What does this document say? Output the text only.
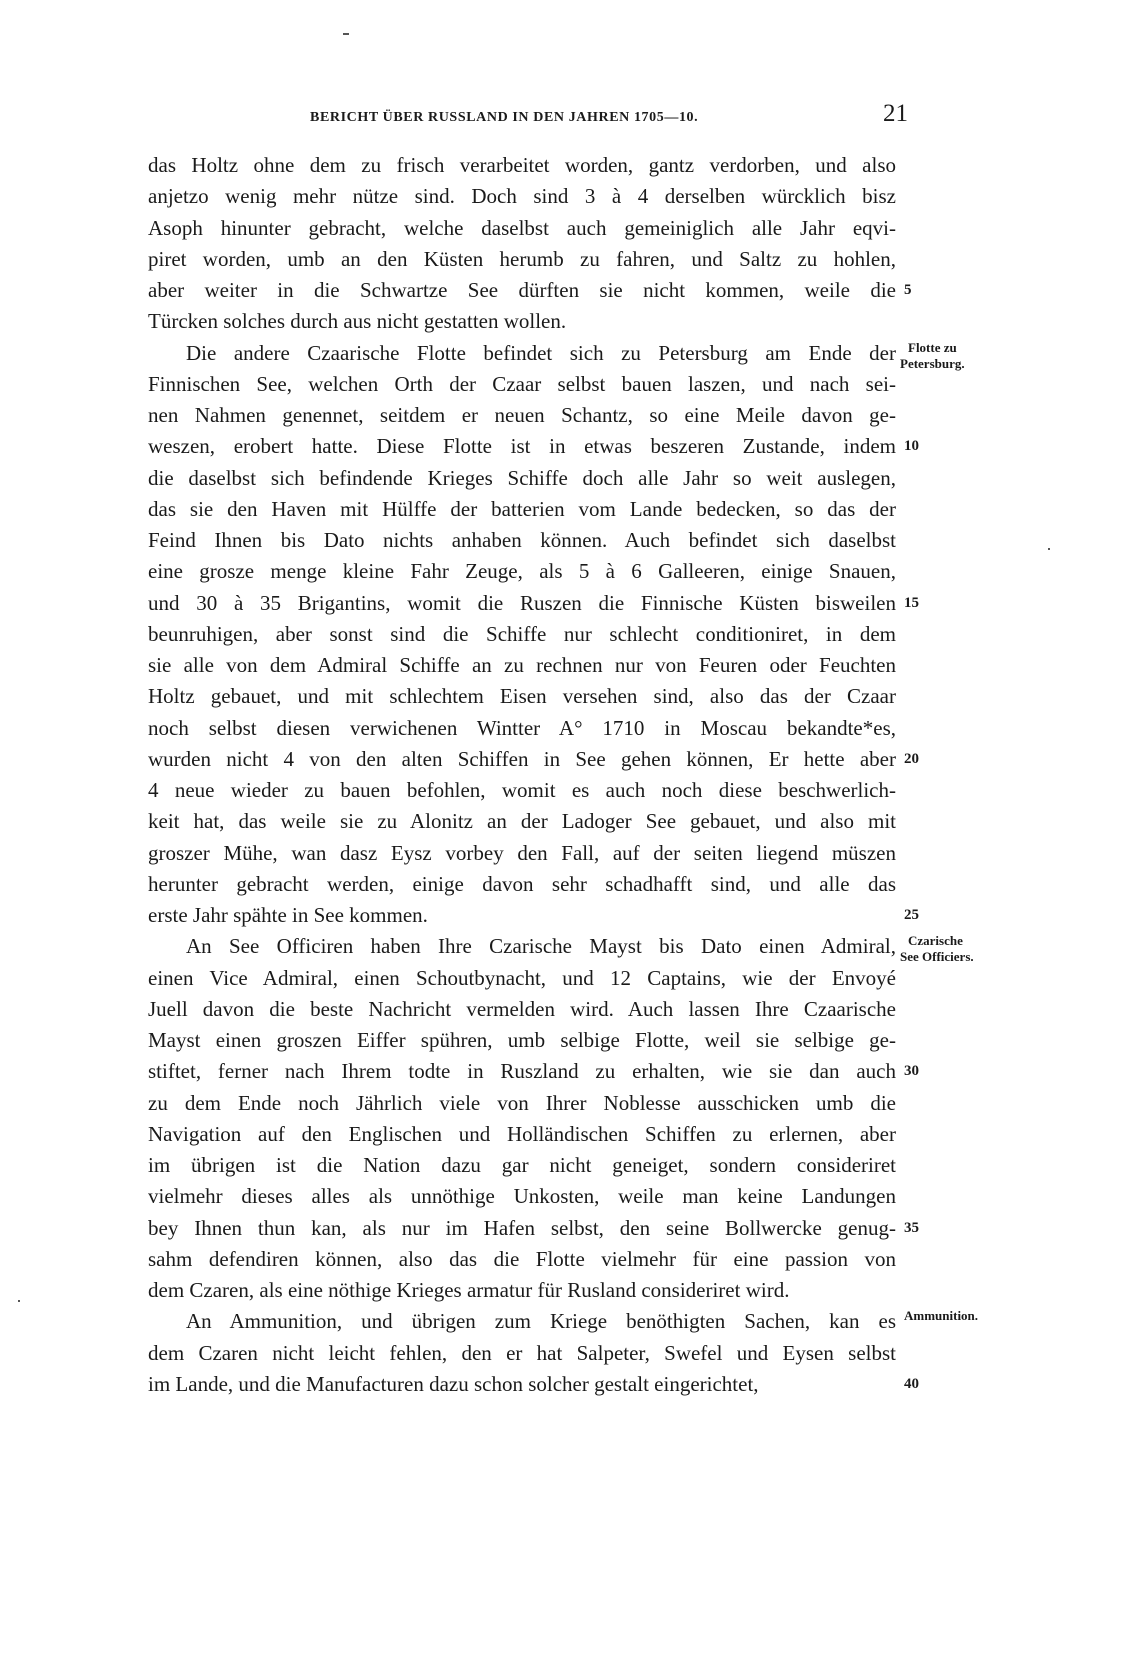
BERICHT ÜBER RUSSLAND IN DEN JAHREN 1705—10.	21
das Holtz ohne dem zu frisch verarbeitet worden, gantz verdorben, und also
anjetzo wenig mehr nütze sind. Doch sind 3 à 4 derselben würcklich bisz
Asoph hinunter gebracht, welche daselbst auch gemeiniglich alle Jahr eqvi-
piret worden, umb an den Küsten herumb zu fahren, und Saltz zu hohlen,
aber weiter in die Schwartze See dürften sie nicht kommen, weile die
Türcken solches durch aus nicht gestatten wollen.
Die andere Czaarische Flotte befindet sich zu Petersburg am Ende der
Finnischen See, welchen Orth der Czaar selbst bauen laszen, und nach sei-
nen Nahmen genennet, seitdem er neuen Schantz, so eine Meile davon ge-
weszen, erobert hatte. Diese Flotte ist in etwas beszeren Zustande, indem
die daselbst sich befindende Krieges Schiffe doch alle Jahr so weit auslegen,
das sie den Haven mit Hülffe der batterien vom Lande bedecken, so das der
Feind Ihnen bis Dato nichts anhaben können. Auch befindet sich daselbst
eine grosze menge kleine Fahr Zeuge, als 5 à 6 Galleeren, einige Snauen,
und 30 à 35 Brigantins, womit die Ruszen die Finnische Küsten bisweilen
beunruhigen, aber sonst sind die Schiffe nur schlecht conditioniret, in dem
sie alle von dem Admiral Schiffe an zu rechnen nur von Feuren oder Feuchten
Holtz gebauet, und mit schlechtem Eisen versehen sind, also das der Czaar
noch selbst diesen verwichenen Wintter A° 1710 in Moscau bekandte*es,
wurden nicht 4 von den alten Schiffen in See gehen können, Er hette aber
4 neue wieder zu bauen befohlen, womit es auch noch diese beschwerlich-
keit hat, das weile sie zu Alonitz an der Ladoger See gebauet, und also mit
groszer Mühe, wan dasz Eysz vorbey den Fall, auf der seiten liegend müszen
herunter gebracht werden, einige davon sehr schadhafft sind, und alle das
erste Jahr spähte in See kommen.
An See Officiren haben Ihre Czarische Mayst bis Dato einen Admiral,
einen Vice Admiral, einen Schoutbynacht, und 12 Captains, wie der Envoyé
Juell davon die beste Nachricht vermelden wird. Auch lassen Ihre Czaarische
Mayst einen groszen Eiffer spühren, umb selbige Flotte, weil sie selbige ge-
stiftet, ferner nach Ihrem todte in Ruszland zu erhalten, wie sie dan auch
zu dem Ende noch Jährlich viele von Ihrer Noblesse ausschicken umb die
Navigation auf den Englischen und Holländischen Schiffen zu erlernen, aber
im übrigen ist die Nation dazu gar nicht geneiget, sondern consideriret
vielmehr dieses alles als unnöthige Unkosten, weile man keine Landungen
bey Ihnen thun kan, als nur im Hafen selbst, den seine Bollwercke genug-
sahm defendiren können, also das die Flotte vielmehr für eine passion von
dem Czaren, als eine nöthige Krieges armatur für Rusland consideriret wird.
An Ammunition, und übrigen zum Kriege benöthigten Sachen, kan es
dem Czaren nicht leicht fehlen, den er hat Salpeter, Swefel und Eysen selbst
im Lande, und die Manufacturen dazu schon solcher gestalt eingerichtet,
5
10
15
20
25
30
35
40
Flotte zu
Petersburg.
Czarische
See Officiers.
Ammunition.
